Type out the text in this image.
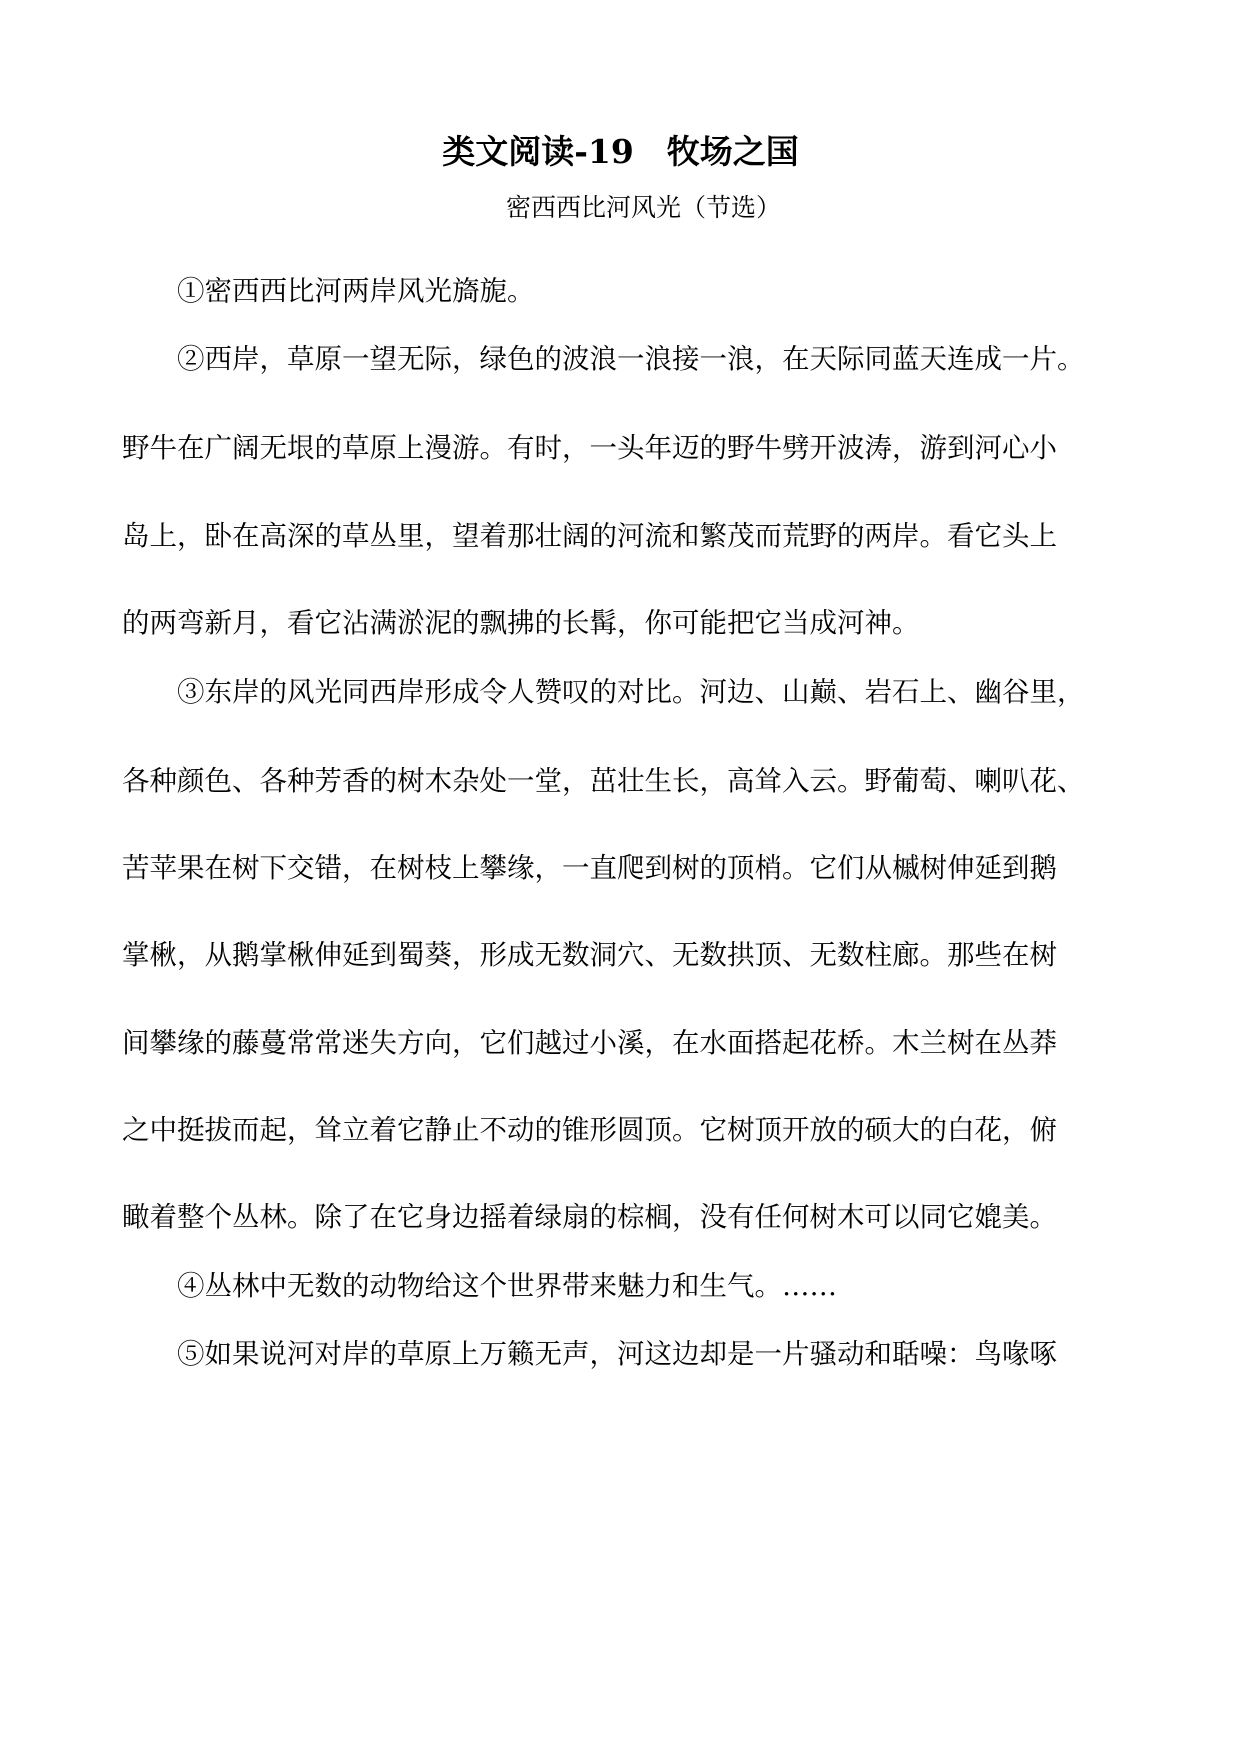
类文阅读-19　牧场之国
密西西比河风光（节选）
①密西西比河两岸风光旖旎。
②西岸，草原一望无际，绿色的波浪一浪接一浪，在天际同蓝天连成一片。
野牛在广阔无垠的草原上漫游。有时，一头年迈的野牛劈开波涛，游到河心小
岛上，卧在高深的草丛里，望着那壮阔的河流和繁茂而荒野的两岸。看它头上
的两弯新月，看它沾满淤泥的飘拂的长髯，你可能把它当成河神。
③东岸的风光同西岸形成令人赞叹的对比。河边、山巅、岩石上、幽谷里，
各种颜色、各种芳香的树木杂处一堂，茁壮生长，高耸入云。野葡萄、喇叭花、
苦苹果在树下交错，在树枝上攀缘，一直爬到树的顶梢。它们从槭树伸延到鹅
掌楸，从鹅掌楸伸延到蜀葵，形成无数洞穴、无数拱顶、无数柱廊。那些在树
间攀缘的藤蔓常常迷失方向，它们越过小溪，在水面搭起花桥。木兰树在丛莽
之中挺拔而起，耸立着它静止不动的锥形圆顶。它树顶开放的硕大的白花，俯
瞰着整个丛林。除了在它身边摇着绿扇的棕榈，没有任何树木可以同它媲美。
④丛林中无数的动物给这个世界带来魅力和生气。……
⑤如果说河对岸的草原上万籁无声，河这边却是一片骚动和聒噪：鸟喙啄
